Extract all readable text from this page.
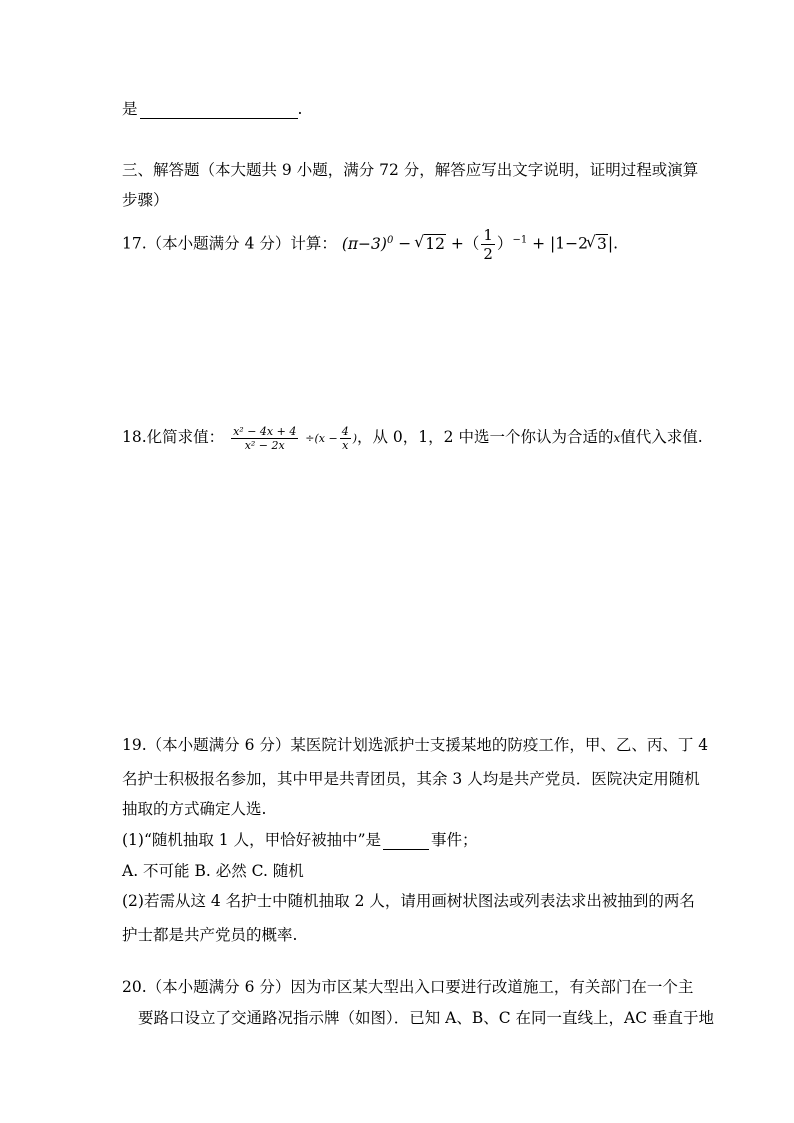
是	.
三、解答题（本大题共 9 小题，满分 72 分，解答应写出文字说明，证明过程或演算
步骤）
17.（本小题满分 4 分）计算： $(\pi-3)^0$ − √ 12 +（ $\frac{1}{2} )^{-1} + |1-2√$ 3|.
18.化简求值： $\frac{\text{x² − 4x + 4}}{\text{x² − 2x}} \div(x - \frac{4}{x}$ )，从 0，1，2 中选一个你认为合适的x值代入求值.
19.（本小题满分 6 分）某医院计划选派护士支援某地的防疫工作，甲、乙、丙、丁 4
名护士积极报名参加，其中甲是共青团员，其余 3 人均是共产党员．医院决定用随机
抽取的方式确定人选.
(1)“随机抽取 1 人，甲恰好被抽中”是	事件；
A. 不可能 B. 必然 C. 随机
(2)若需从这 4 名护士中随机抽取 2 人，请用画树状图法或列表法求出被抽到的两名
护士都是共产党员的概率.
20.（本小题满分 6 分）因为市区某大型出入口要进行改道施工，有关部门在一个主
要路口设立了交通路况指示牌（如图）．已知 A、B、C 在同一直线上，AC 垂直于地
